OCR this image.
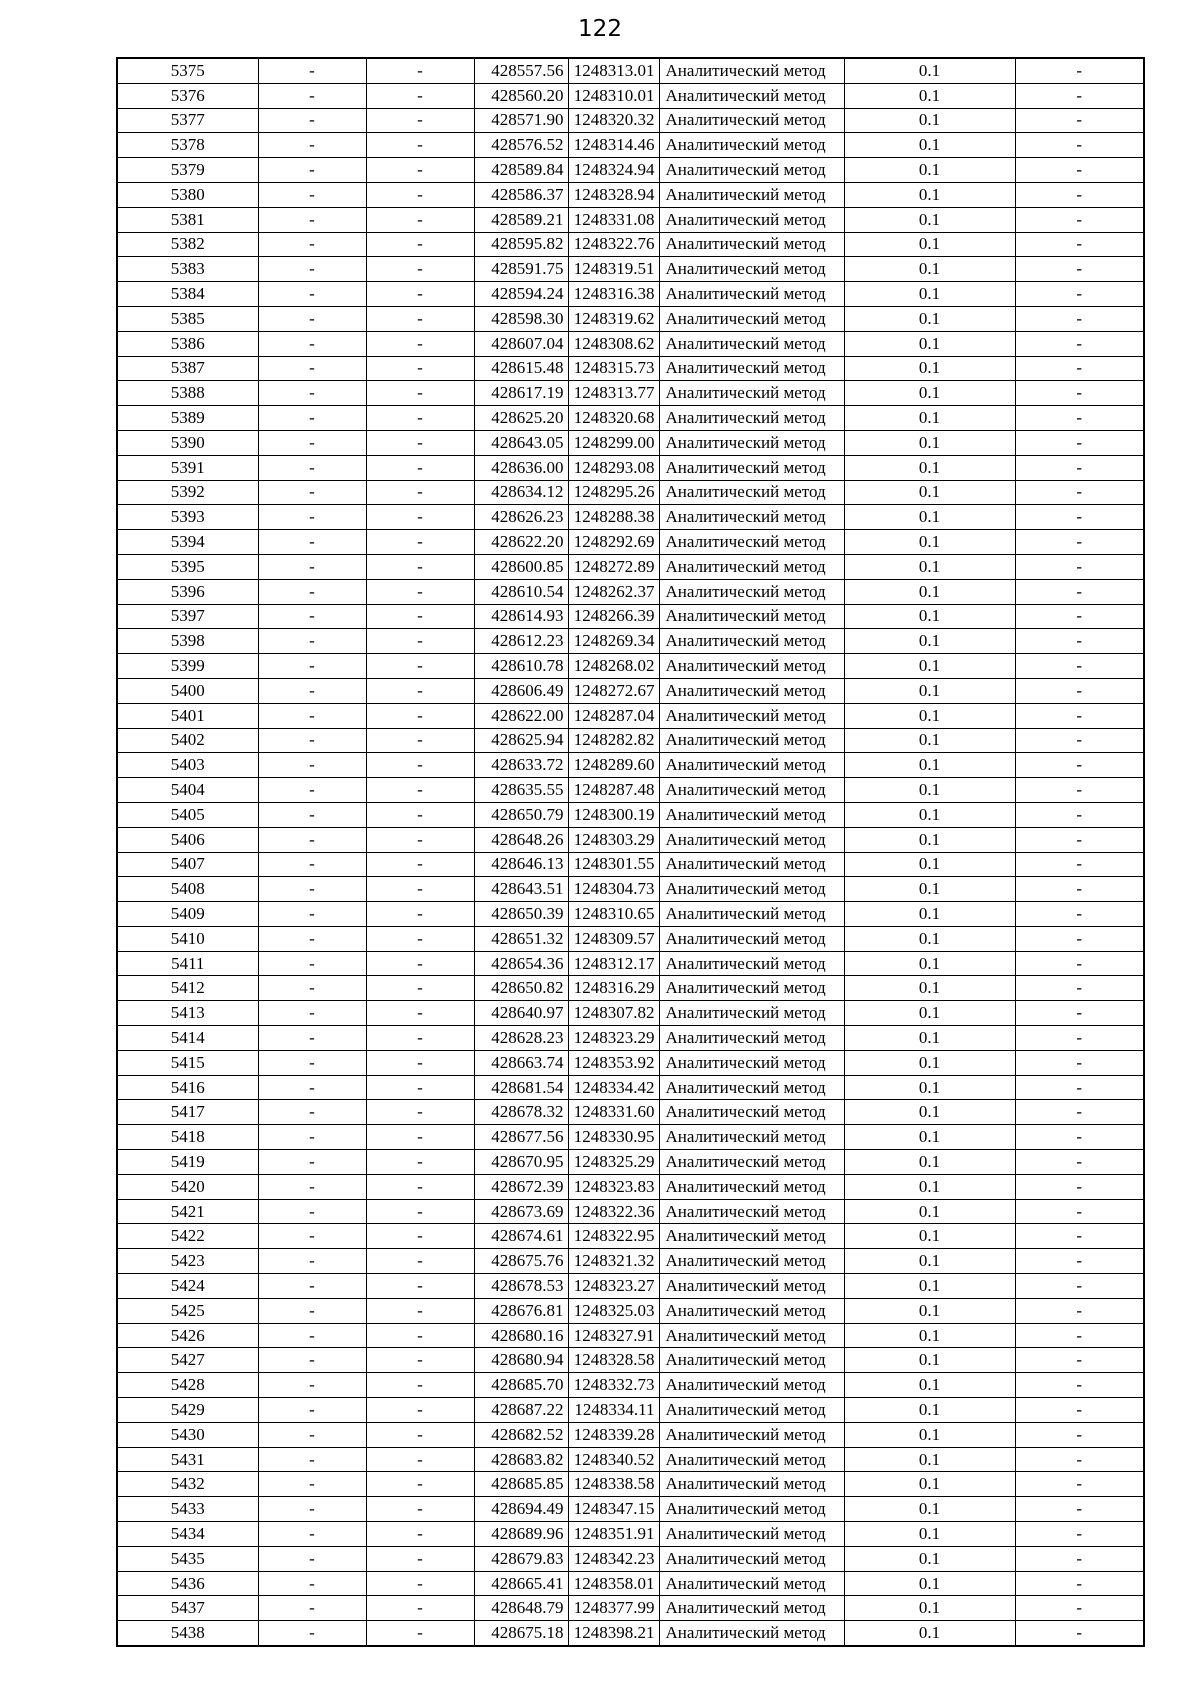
122
5375	-	-	428557.56	1248313.01	Аналитический метод	0.1	-
5376	-	-	428560.20	1248310.01	Аналитический метод	0.1	-
5377	-	-	428571.90	1248320.32	Аналитический метод	0.1	-
5378	-	-	428576.52	1248314.46	Аналитический метод	0.1	-
5379	-	-	428589.84	1248324.94	Аналитический метод	0.1	-
5380	-	-	428586.37	1248328.94	Аналитический метод	0.1	-
5381	-	-	428589.21	1248331.08	Аналитический метод	0.1	-
5382	-	-	428595.82	1248322.76	Аналитический метод	0.1	-
5383	-	-	428591.75	1248319.51	Аналитический метод	0.1	-
5384	-	-	428594.24	1248316.38	Аналитический метод	0.1	-
5385	-	-	428598.30	1248319.62	Аналитический метод	0.1	-
5386	-	-	428607.04	1248308.62	Аналитический метод	0.1	-
5387	-	-	428615.48	1248315.73	Аналитический метод	0.1	-
5388	-	-	428617.19	1248313.77	Аналитический метод	0.1	-
5389	-	-	428625.20	1248320.68	Аналитический метод	0.1	-
5390	-	-	428643.05	1248299.00	Аналитический метод	0.1	-
5391	-	-	428636.00	1248293.08	Аналитический метод	0.1	-
5392	-	-	428634.12	1248295.26	Аналитический метод	0.1	-
5393	-	-	428626.23	1248288.38	Аналитический метод	0.1	-
5394	-	-	428622.20	1248292.69	Аналитический метод	0.1	-
5395	-	-	428600.85	1248272.89	Аналитический метод	0.1	-
5396	-	-	428610.54	1248262.37	Аналитический метод	0.1	-
5397	-	-	428614.93	1248266.39	Аналитический метод	0.1	-
5398	-	-	428612.23	1248269.34	Аналитический метод	0.1	-
5399	-	-	428610.78	1248268.02	Аналитический метод	0.1	-
5400	-	-	428606.49	1248272.67	Аналитический метод	0.1	-
5401	-	-	428622.00	1248287.04	Аналитический метод	0.1	-
5402	-	-	428625.94	1248282.82	Аналитический метод	0.1	-
5403	-	-	428633.72	1248289.60	Аналитический метод	0.1	-
5404	-	-	428635.55	1248287.48	Аналитический метод	0.1	-
5405	-	-	428650.79	1248300.19	Аналитический метод	0.1	-
5406	-	-	428648.26	1248303.29	Аналитический метод	0.1	-
5407	-	-	428646.13	1248301.55	Аналитический метод	0.1	-
5408	-	-	428643.51	1248304.73	Аналитический метод	0.1	-
5409	-	-	428650.39	1248310.65	Аналитический метод	0.1	-
5410	-	-	428651.32	1248309.57	Аналитический метод	0.1	-
5411	-	-	428654.36	1248312.17	Аналитический метод	0.1	-
5412	-	-	428650.82	1248316.29	Аналитический метод	0.1	-
5413	-	-	428640.97	1248307.82	Аналитический метод	0.1	-
5414	-	-	428628.23	1248323.29	Аналитический метод	0.1	-
5415	-	-	428663.74	1248353.92	Аналитический метод	0.1	-
5416	-	-	428681.54	1248334.42	Аналитический метод	0.1	-
5417	-	-	428678.32	1248331.60	Аналитический метод	0.1	-
5418	-	-	428677.56	1248330.95	Аналитический метод	0.1	-
5419	-	-	428670.95	1248325.29	Аналитический метод	0.1	-
5420	-	-	428672.39	1248323.83	Аналитический метод	0.1	-
5421	-	-	428673.69	1248322.36	Аналитический метод	0.1	-
5422	-	-	428674.61	1248322.95	Аналитический метод	0.1	-
5423	-	-	428675.76	1248321.32	Аналитический метод	0.1	-
5424	-	-	428678.53	1248323.27	Аналитический метод	0.1	-
5425	-	-	428676.81	1248325.03	Аналитический метод	0.1	-
5426	-	-	428680.16	1248327.91	Аналитический метод	0.1	-
5427	-	-	428680.94	1248328.58	Аналитический метод	0.1	-
5428	-	-	428685.70	1248332.73	Аналитический метод	0.1	-
5429	-	-	428687.22	1248334.11	Аналитический метод	0.1	-
5430	-	-	428682.52	1248339.28	Аналитический метод	0.1	-
5431	-	-	428683.82	1248340.52	Аналитический метод	0.1	-
5432	-	-	428685.85	1248338.58	Аналитический метод	0.1	-
5433	-	-	428694.49	1248347.15	Аналитический метод	0.1	-
5434	-	-	428689.96	1248351.91	Аналитический метод	0.1	-
5435	-	-	428679.83	1248342.23	Аналитический метод	0.1	-
5436	-	-	428665.41	1248358.01	Аналитический метод	0.1	-
5437	-	-	428648.79	1248377.99	Аналитический метод	0.1	-
5438	-	-	428675.18	1248398.21	Аналитический метод	0.1	-
